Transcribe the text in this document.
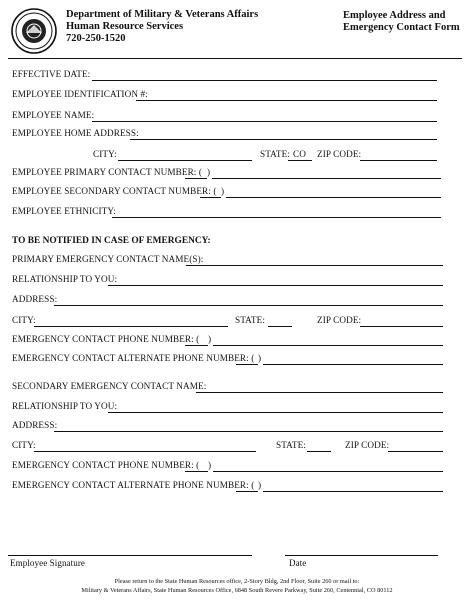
Department of Military & Veterans Affairs
Human Resource Services
720-250-1520
Employee Address and
Emergency Contact Form
EFFECTIVE DATE:
EMPLOYEE IDENTIFICATION #:
EMPLOYEE NAME:
EMPLOYEE HOME ADDRESS:
CITY:	STATE: CO ZIP CODE:
EMPLOYEE PRIMARY CONTACT NUMBER: ( )
EMPLOYEE SECONDARY CONTACT NUMBER: ( )
EMPLOYEE ETHNICITY:
TO BE NOTIFIED IN CASE OF EMERGENCY:
PRIMARY EMERGENCY CONTACT NAME(S):
RELATIONSHIP TO YOU:
ADDRESS:
CITY:	STATE:	ZIP CODE:
EMERGENCY CONTACT PHONE NUMBER: ( )
EMERGENCY CONTACT ALTERNATE PHONE NUMBER: ( )
SECONDARY EMERGENCY CONTACT NAME:
RELATIONSHIP TO YOU:
ADDRESS:
CITY:	STATE:	ZIP CODE:
EMERGENCY CONTACT PHONE NUMBER: ( )
EMERGENCY CONTACT ALTERNATE PHONE NUMBER: ( )
Employee Signature	Date
Please return to the State Human Resources office, 2-Story Bldg, 2nd Floor, Suite 260 or mail to:
Military & Veterans Affairs, State Human Resources Office, 6848 South Revere Parkway, Suite 260, Centennial, CO 80112
